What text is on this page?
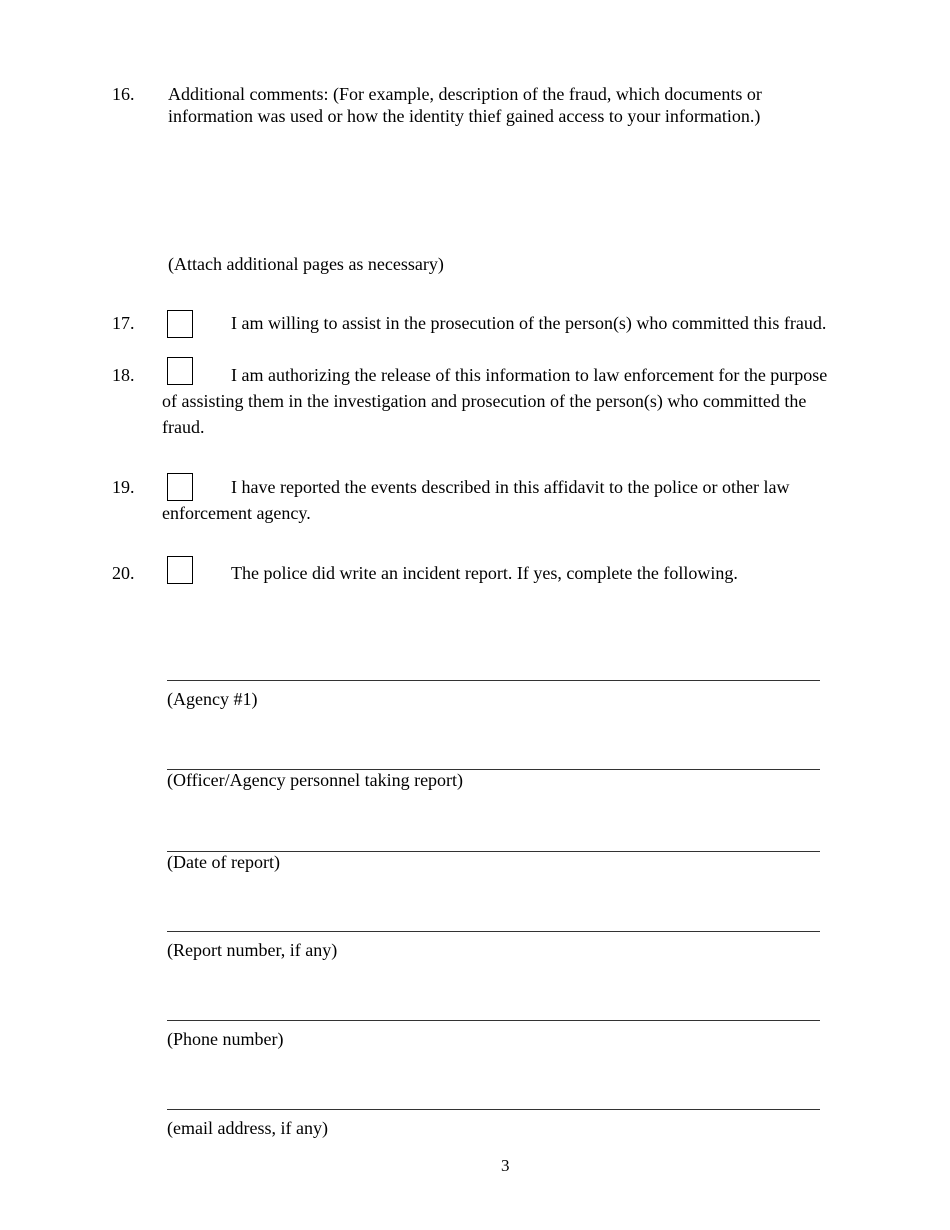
16. Additional comments: (For example, description of the fraud, which documents or
information was used or how the identity thief gained access to your information.)
(Attach additional pages as necessary)
17.	I am willing to assist in the prosecution of the person(s) who committed this fraud.
18.	I am authorizing the release of this information to law enforcement for the purpose
of assisting them in the investigation and prosecution of the person(s) who committed the
fraud.
19.	I have reported the events described in this affidavit to the police or other law
enforcement agency.
20.	The police did write an incident report. If yes, complete the following.
(Agency #1)
(Officer/Agency personnel taking report)
(Date of report)
(Report number, if any)
(Phone number)
(email address, if any)
3
